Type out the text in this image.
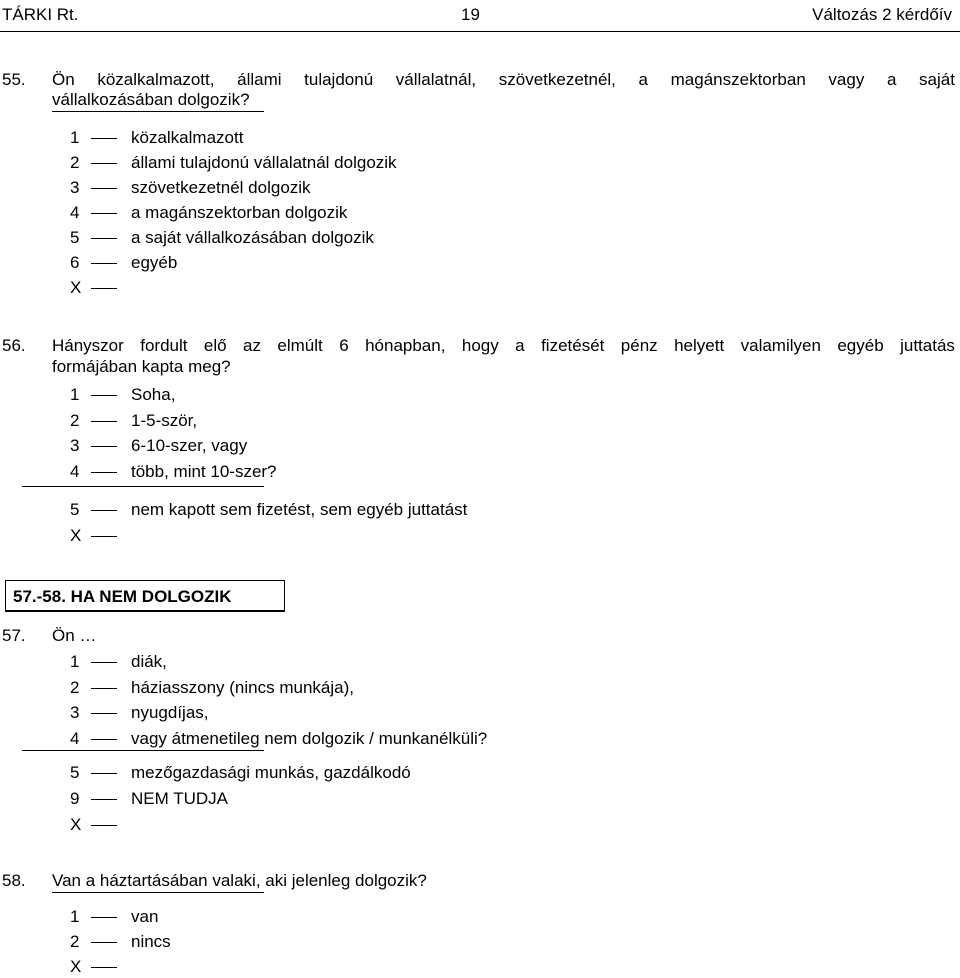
TÁRKI Rt.	19	Változás 2 kérdőív
55. Ön közalkalmazott, állami tulajdonú vállalatnál, szövetkezetnél, a magánszektorban vagy a saját
vállalkozásában dolgozik?
1	közalkalmazott
2	állami tulajdonú vállalatnál dolgozik
3	szövetkezetnél dolgozik
4	a magánszektorban dolgozik
5	a saját vállalkozásában dolgozik
6	egyéb
X
56. Hányszor fordult elő az elmúlt 6 hónapban, hogy a fizetését pénz helyett valamilyen egyéb juttatás
formájában kapta meg?
1	Soha,
2	1-5-ször,
3	6-10-szer, vagy
4	több, mint 10-szer?
5	nem kapott sem fizetést, sem egyéb juttatást
X
57.-58. HA NEM DOLGOZIK
57. Ön …
1	diák,
2	háziasszony (nincs munkája),
3	nyugdíjas,
4	vagy átmenetileg nem dolgozik / munkanélküli?
5	mezőgazdasági munkás, gazdálkodó
9	NEM TUDJA
X
58. Van a háztartásában valaki, aki jelenleg dolgozik?
1	van
2	nincs
X
